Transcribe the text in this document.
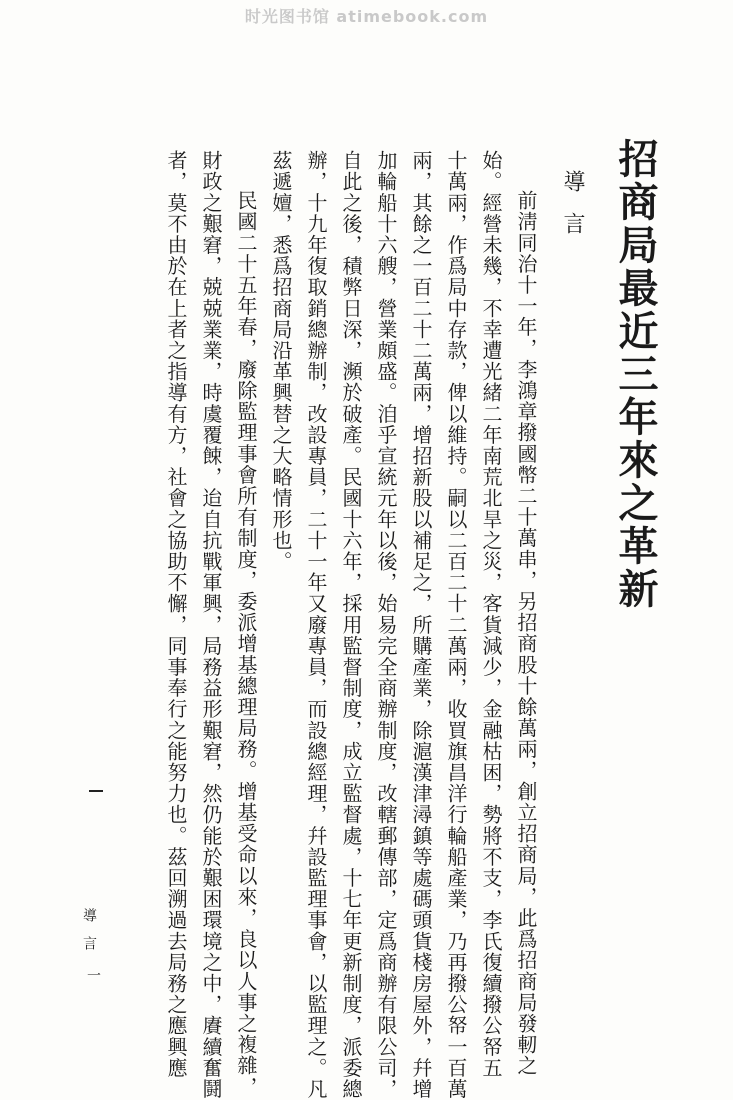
时光图书馆 atimebook.com
招商局最近三年來之革新
導言
前淸同治十一年，李鴻章撥國幣二十萬串，另招商股十餘萬兩，創立招商局，此爲招商局發軔之
始。經營未幾，不幸遭光緒二年南荒北旱之災，客貨減少，金融枯困，勢將不支，李氏復續撥公帑五
十萬兩，作爲局中存款，俾以維持。嗣以二百二十二萬兩，收買旗昌洋行輪船產業，乃再撥公帑一百萬
兩，其餘之一百二十二萬兩，增招新股以補足之，所購產業，除滬漢津潯鎮等處碼頭貨棧房屋外，幷增
加輪船十六艘，營業頗盛。洎乎宣統元年以後，始易完全商辦制度，改轄郵傳部，定爲商辦有限公司，
自此之後，積弊日深，瀕於破產。民國十六年，採用監督制度，成立監督處，十七年更新制度，派委總
辦，十九年復取銷總辦制，改設專員，二十一年又廢專員，而設總經理，幷設監理事會，以監理之。凡
茲遞嬗，悉爲招商局沿革興替之大略情形也。
民國二十五年春，廢除監理事會所有制度，委派增基總理局務。增基受命以來，良以人事之複雜，
財政之艱窘，兢兢業業，時虞覆餗，迨自抗戰軍興，局務益形艱窘，然仍能於艱困環境之中，賡續奮鬪
者，莫不由於在上者之指導有方，社會之協助不懈，同事奉行之能努力也。茲回溯過去局務之應興應
導言
一
